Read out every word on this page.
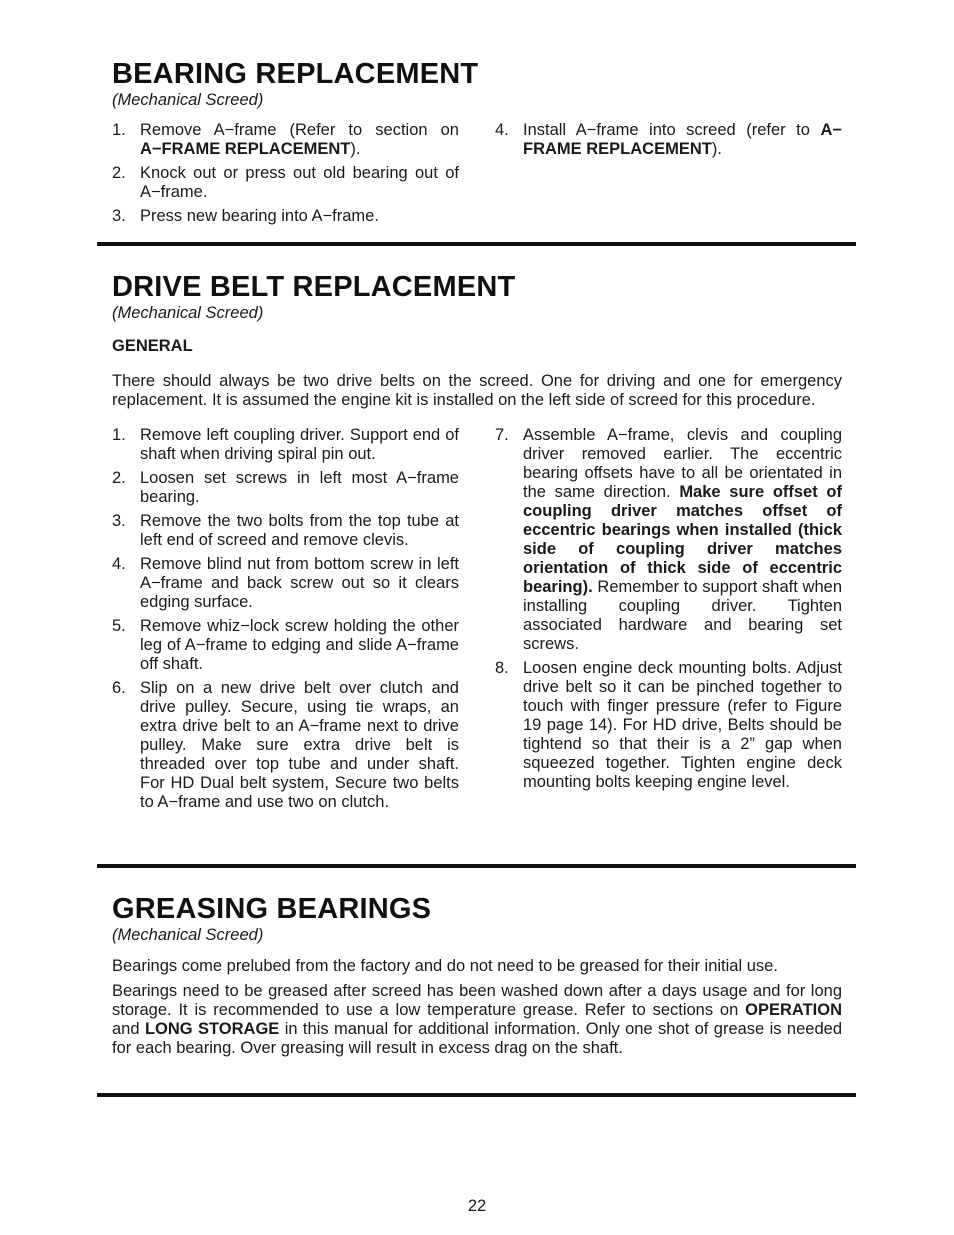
BEARING REPLACEMENT
(Mechanical Screed)
1. Remove A−frame (Refer to section on A−FRAME REPLACEMENT).
2. Knock out or press out old bearing out of A−frame.
3. Press new bearing into A−frame.
4. Install A−frame into screed (refer to A− FRAME REPLACEMENT).
DRIVE BELT REPLACEMENT
(Mechanical Screed)
GENERAL

There should always be two drive belts on the screed. One for driving and one for emergency replacement. It is assumed the engine kit is installed on the left side of screed for this procedure.

1. Remove left coupling driver. Support end of shaft when driving spiral pin out.
2. Loosen set screws in left most A−frame bearing.
3. Remove the two bolts from the top tube at left end of screed and remove clevis.
4. Remove blind nut from bottom screw in left A−frame and back screw out so it clears edging surface.
5. Remove whiz−lock screw holding the other leg of A−frame to edging and slide A−frame off shaft.
6. Slip on a new drive belt over clutch and drive pulley. Secure, using tie wraps, an extra drive belt to an A−frame next to drive pulley. Make sure extra drive belt is threaded over top tube and under shaft. For HD Dual belt system, Secure two belts to A−frame and use two on clutch.
7. Assemble A−frame, clevis and coupling driver removed earlier. The eccentric bearing offsets have to all be orientated in the same direction. Make sure offset of coupling driver matches offset of eccentric bearings when installed (thick side of coupling driver matches orientation of thick side of eccentric bearing). Remember to support shaft when installing coupling driver. Tighten associated hardware and bearing set screws.
8. Loosen engine deck mounting bolts. Adjust drive belt so it can be pinched together to touch with finger pressure (refer to Figure 19 page 14). For HD drive, Belts should be tightend so that their is a 2” gap when squeezed together. Tighten engine deck mounting bolts keeping engine level.
GREASING BEARINGS
(Mechanical Screed)

Bearings come prelubed from the factory and do not need to be greased for their initial use.

Bearings need to be greased after screed has been washed down after a days usage and for long storage. It is recommended to use a low temperature grease. Refer to sections on OPERATION and LONG STORAGE in this manual for additional information. Only one shot of grease is needed for each bearing. Over greasing will result in excess drag on the shaft.

22
